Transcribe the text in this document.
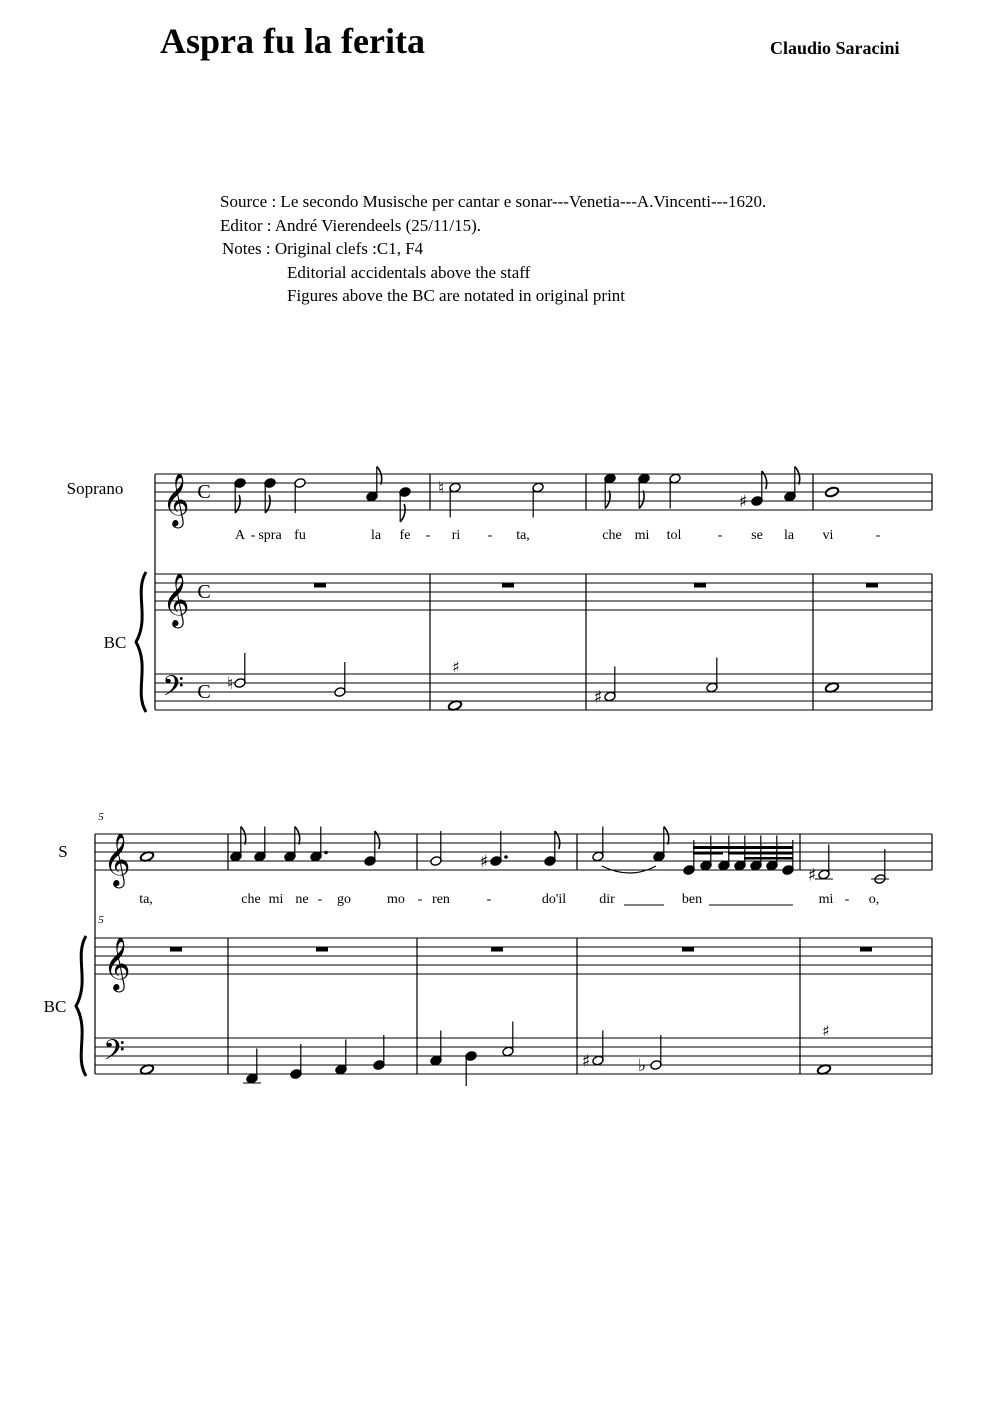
Aspra fu la ferita	Claudio Saracini
Source : Le secondo Musische per cantar e sonar---Venetia---A.Vincenti---1620.
Editor : André Vierendeels (25/11/15).
Notes : Original clefs :C1, F4
Editorial accidentals above the staff
Figures above the BC are notated in original print
Soprano
BC
𝄞
𝄞
𝄢
C
C
C
♮
♯
A - spra fu	la fe - ri - ta,	che mi tol	- se la vi	-
♮
♯
♯
S
BC
5
5
𝄞
𝄞
𝄢
♯
♯
ta,	che mi ne - go	mo - ren	-	do'il dir	ben	mi - o,
♯	♭
♯
